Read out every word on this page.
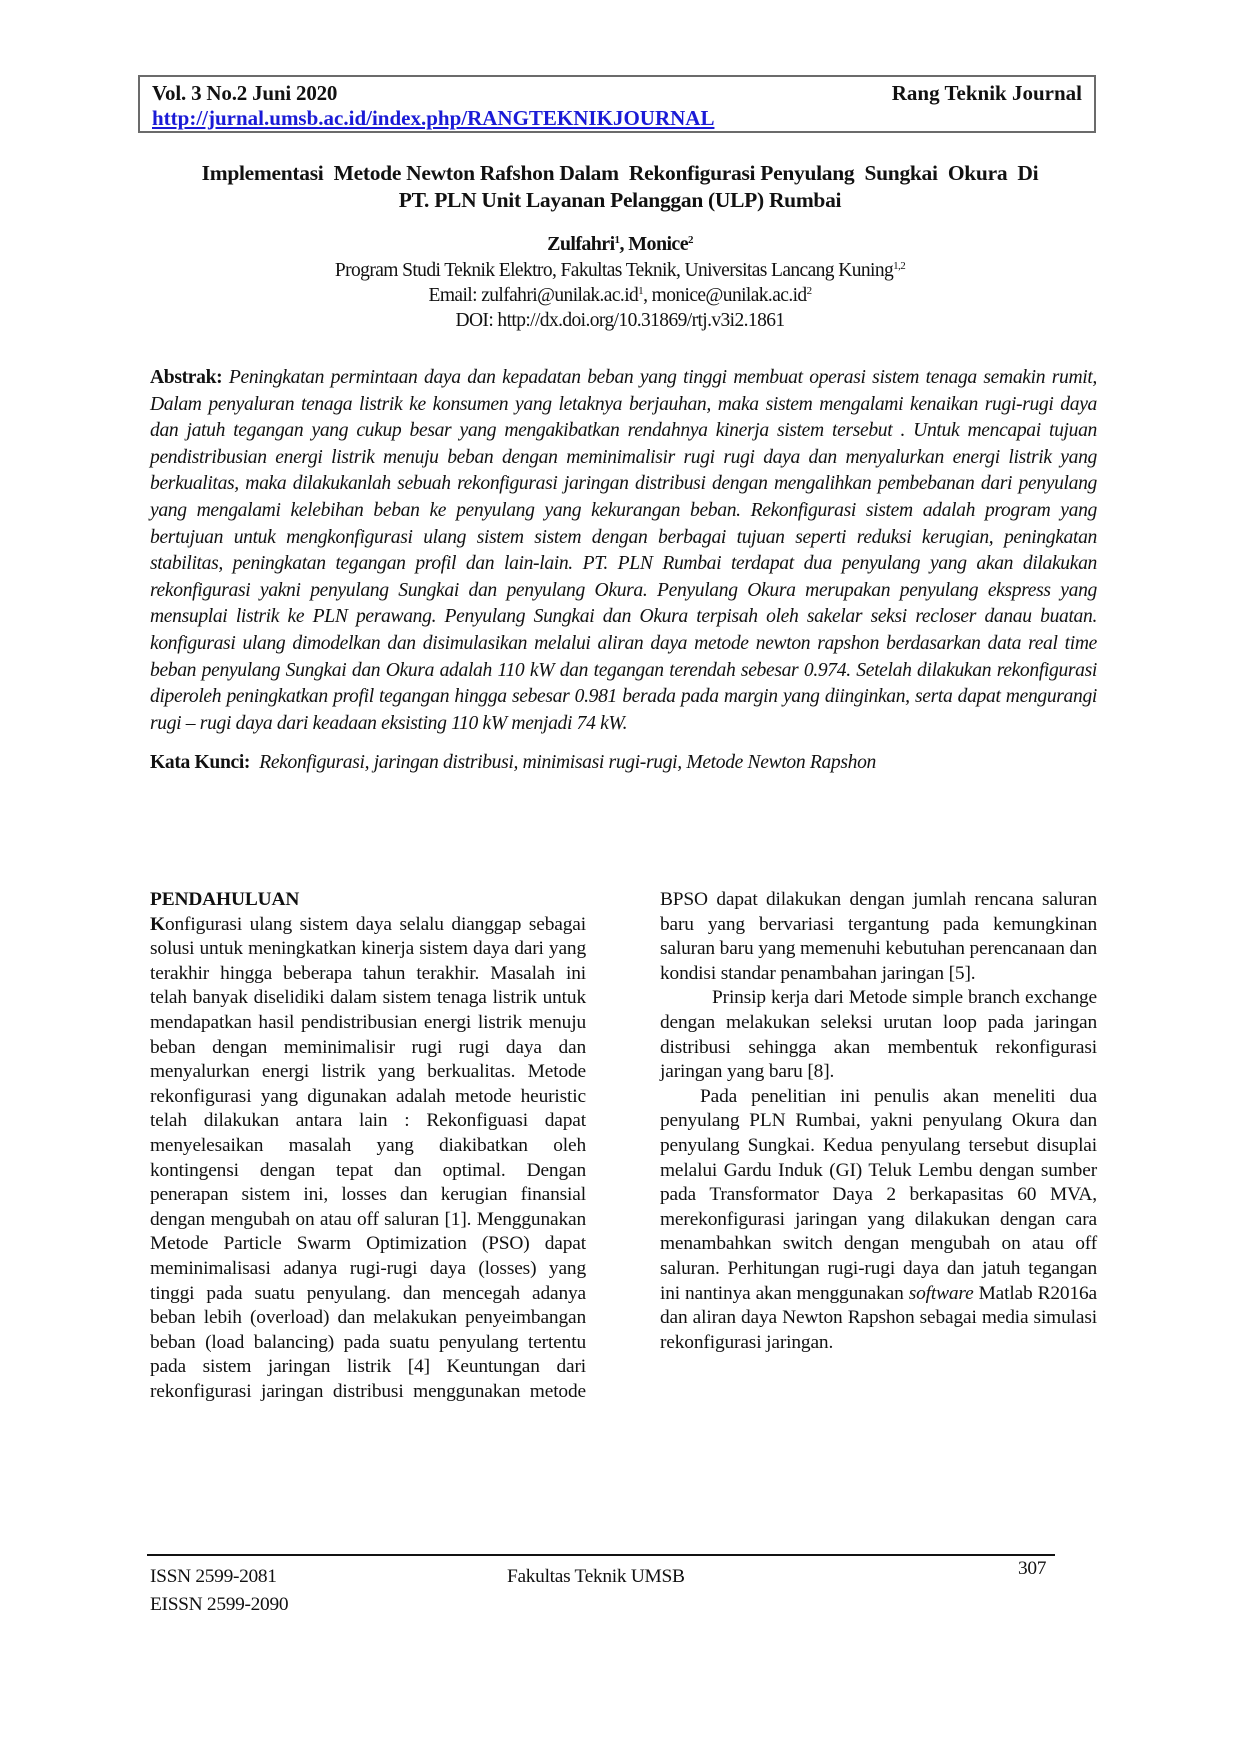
Vol. 3 No.2 Juni 2020	Rang Teknik Journal
http://jurnal.umsb.ac.id/index.php/RANGTEKNIKJOURNAL
Implementasi  Metode Newton Rafshon Dalam  Rekonfigurasi Penyulang  Sungkai  Okura  Di
PT. PLN Unit Layanan Pelanggan (ULP) Rumbai
Zulfahri$^1$, Monice$^2$
Program Studi Teknik Elektro, Fakultas Teknik, Universitas Lancang Kuning$^{1,2}$
Email: $zulfahri@unilak.ac.id^1$, $monice@unilak.ac.id^2$
DOI: http://dx.doi.org/10.31869/rtj.v3i2.1861
Abstrak: Peningkatan permintaan daya dan kepadatan beban yang tinggi membuat operasi sistem tenaga semakin rumit, Dalam penyaluran tenaga listrik ke konsumen yang letaknya berjauhan, maka sistem mengalami kenaikan rugi-rugi daya dan jatuh tegangan yang cukup besar yang mengakibatkan rendahnya kinerja sistem tersebut . Untuk mencapai tujuan pendistribusian energi listrik menuju beban dengan meminimalisir rugi rugi daya dan menyalurkan energi listrik yang berkualitas, maka dilakukanlah sebuah rekonfigurasi jaringan distribusi dengan mengalihkan pembebanan dari penyulang yang mengalami kelebihan beban ke penyulang yang kekurangan beban. Rekonfigurasi sistem adalah program yang bertujuan untuk mengkonfigurasi ulang sistem sistem dengan berbagai tujuan seperti reduksi kerugian, peningkatan stabilitas, peningkatan tegangan profil dan lain-lain. PT. PLN Rumbai terdapat dua penyulang yang akan dilakukan rekonfigurasi yakni penyulang Sungkai dan penyulang Okura. Penyulang Okura merupakan penyulang ekspress yang mensuplai listrik ke PLN perawang. Penyulang Sungkai dan Okura terpisah oleh sakelar seksi recloser danau buatan. konfigurasi ulang dimodelkan dan disimulasikan melalui aliran daya metode newton rapshon berdasarkan data real time beban penyulang Sungkai dan Okura adalah 110 kW dan tegangan terendah sebesar 0.974. Setelah dilakukan rekonfigurasi diperoleh peningkatkan profil tegangan hingga sebesar 0.981 berada pada margin yang diinginkan, serta dapat mengurangi rugi – rugi daya dari keadaan eksisting 110 kW menjadi 74 kW.
Kata Kunci: Rekonfigurasi, jaringan distribusi, minimisasi rugi-rugi, Metode Newton Rapshon
PENDAHULUAN

Konfigurasi ulang sistem daya selalu dianggap sebagai solusi untuk meningkatkan kinerja sistem daya dari yang terakhir hingga beberapa tahun terakhir. Masalah ini telah banyak diselidiki dalam sistem tenaga listrik untuk mendapatkan hasil pendistribusian energi listrik menuju beban dengan meminimalisir rugi rugi daya dan menyalurkan energi listrik yang berkualitas. Metode rekonfigurasi yang digunakan adalah metode heuristic telah dilakukan antara lain : Rekonfiguasi dapat menyelesaikan masalah yang diakibatkan oleh kontingensi dengan tepat dan optimal. Dengan penerapan sistem ini, losses dan kerugian finansial dengan mengubah on atau off saluran [1]. Menggunakan Metode Particle Swarm Optimization (PSO) dapat meminimalisasi adanya rugi-rugi daya (losses) yang tinggi pada suatu penyulang. dan mencegah adanya beban lebih (overload) dan melakukan penyeimbangan beban (load balancing) pada suatu penyulang tertentu pada sistem jaringan listrik [4] Keuntungan dari rekonfigurasi jaringan distribusi menggunakan metode

BPSO dapat dilakukan dengan jumlah rencana saluran baru yang bervariasi tergantung pada kemungkinan saluran baru yang memenuhi kebutuhan perencanaan dan kondisi standar penambahan jaringan [5].

Prinsip kerja dari Metode simple branch exchange dengan melakukan seleksi urutan loop pada jaringan distribusi sehingga akan membentuk rekonfigurasi jaringan yang baru [8].

Pada penelitian ini penulis akan meneliti dua penyulang PLN Rumbai, yakni penyulang Okura dan penyulang Sungkai. Kedua penyulang tersebut disuplai melalui Gardu Induk (GI) Teluk Lembu dengan sumber pada Transformator Daya 2 berkapasitas 60 MVA, merekonfigurasi jaringan yang dilakukan dengan cara menambahkan switch dengan mengubah on atau off saluran. Perhitungan rugi-rugi daya dan jatuh tegangan ini nantinya akan menggunakan software Matlab R2016a dan aliran daya Newton Rapshon sebagai media simulasi rekonfigurasi jaringan.

ISSN 2599-2081
EISSN 2599-2090
Fakultas Teknik UMSB	307
